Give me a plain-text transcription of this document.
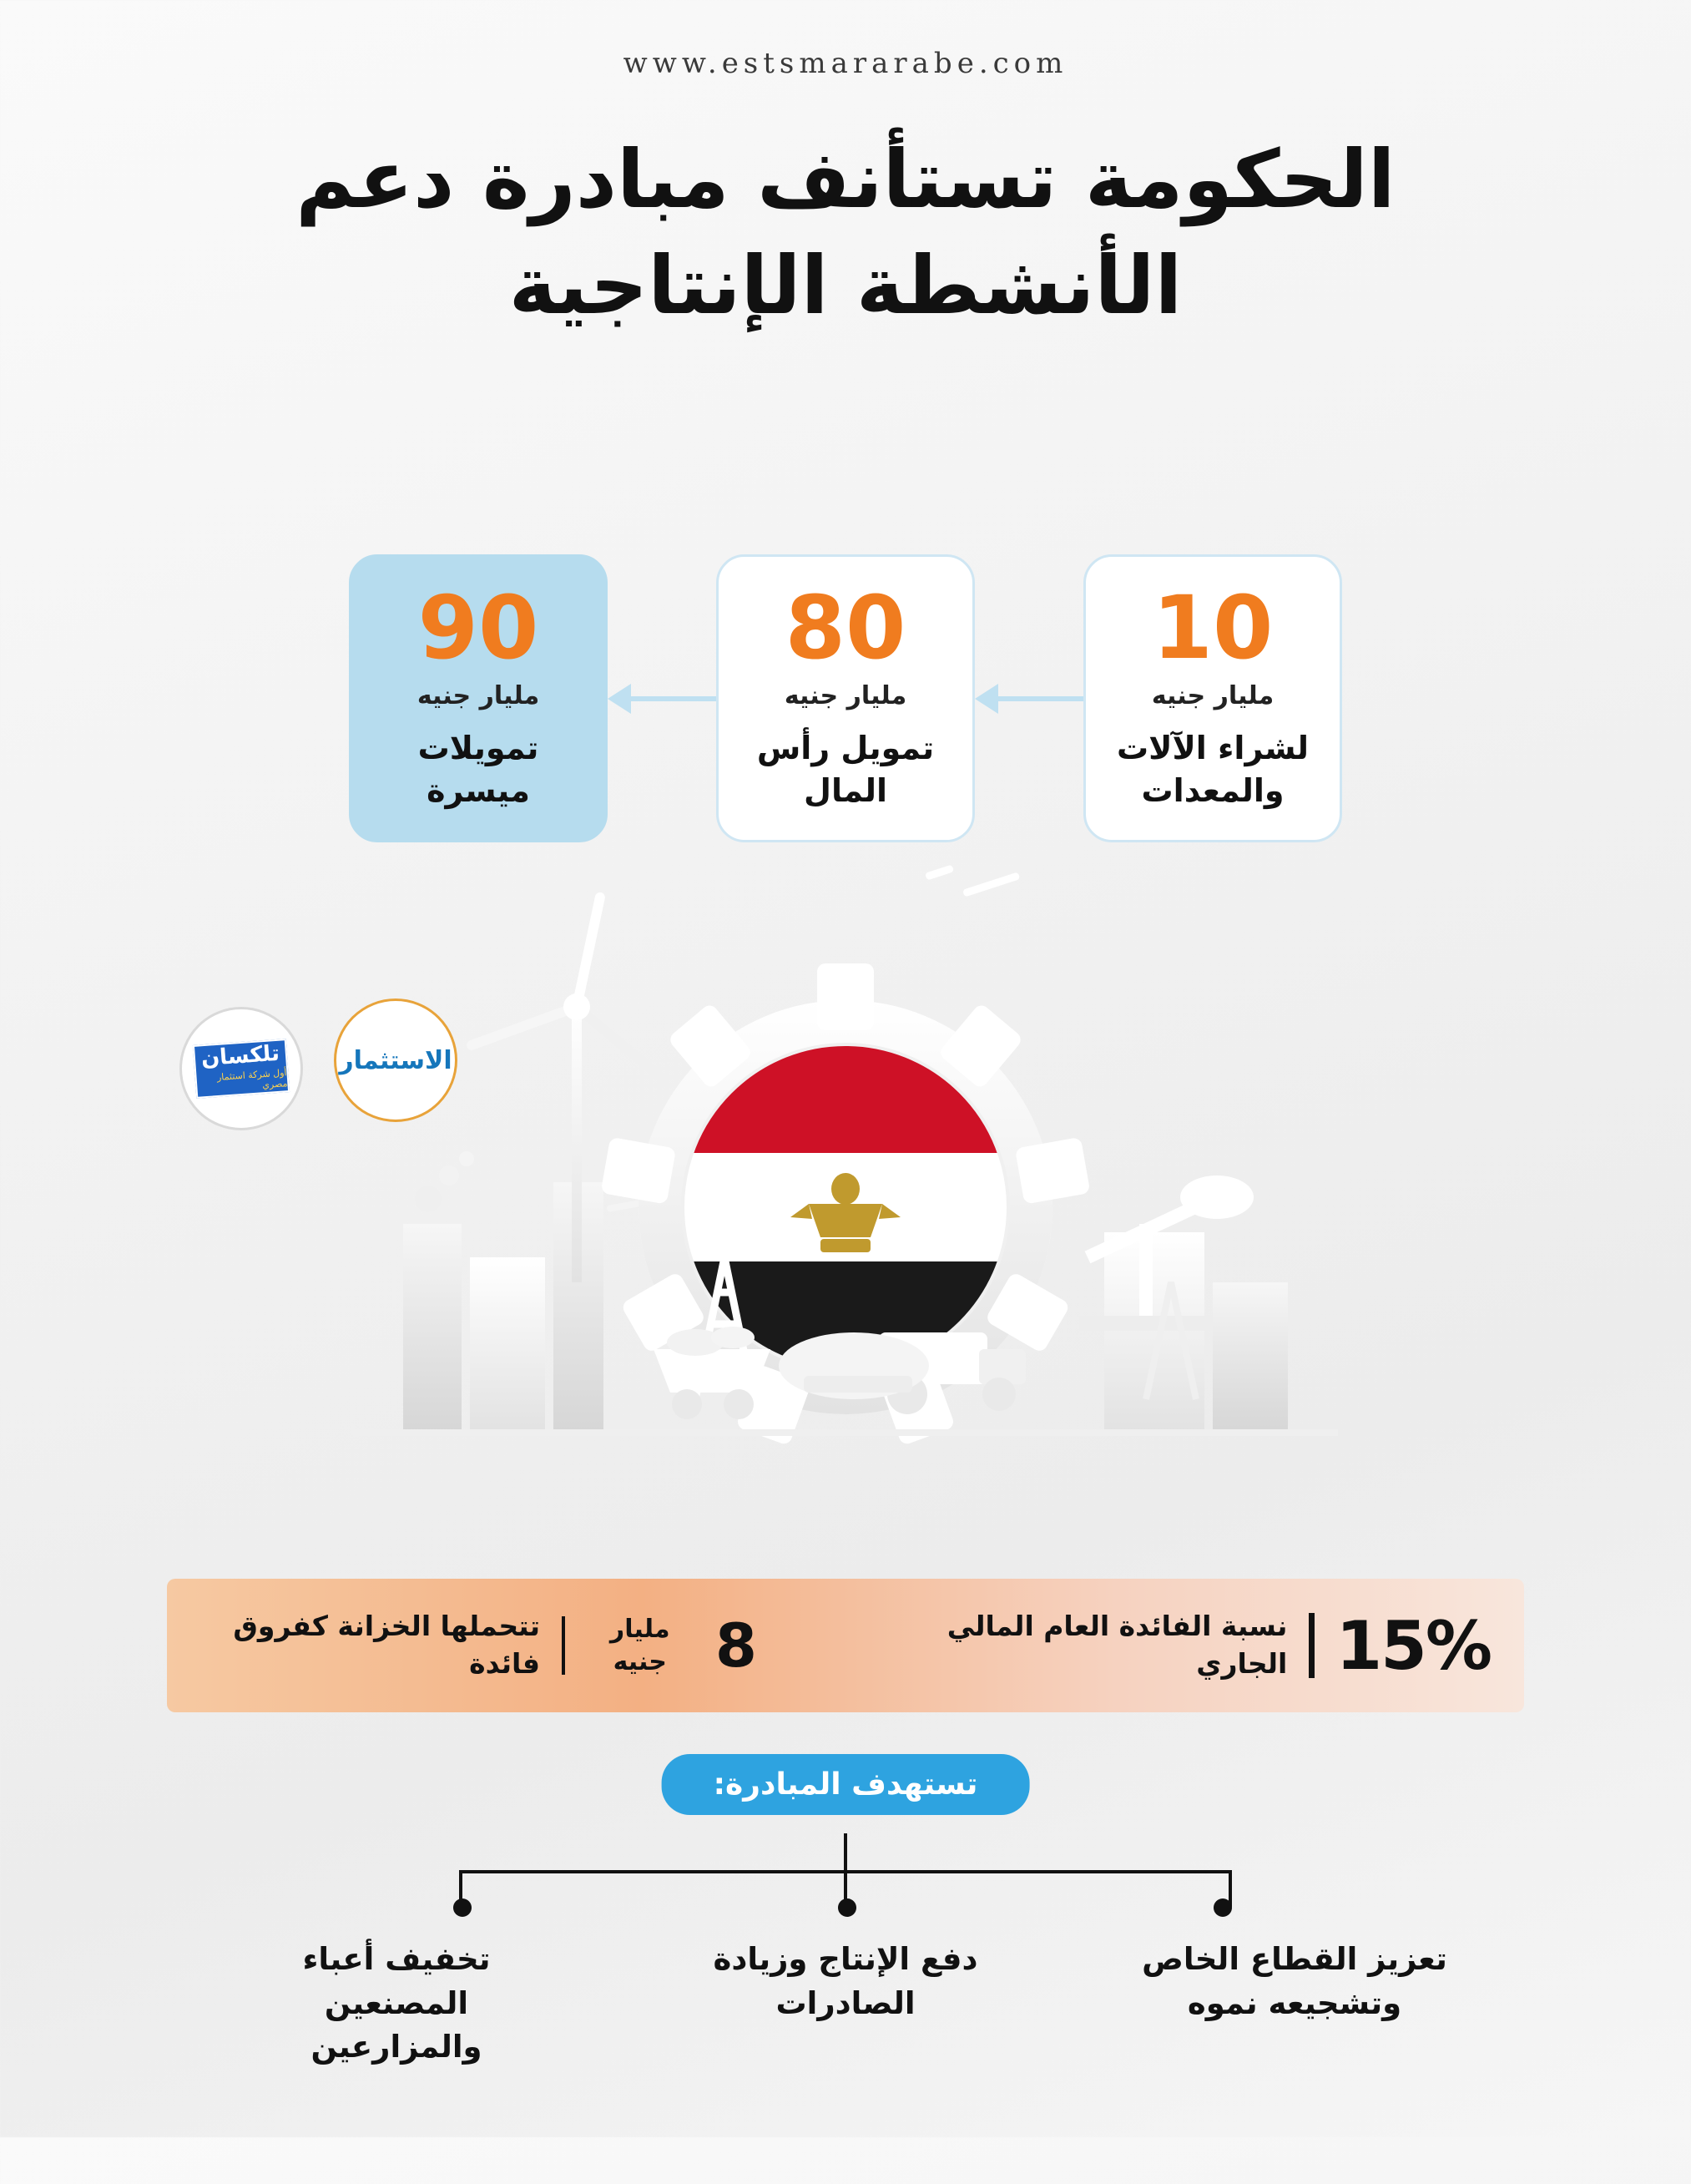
www.estsmararabe.com
الحكومة تستأنف مبادرة دعم الأنشطة الإنتاجية
90
مليار جنيه
تمويلات ميسرة
80
مليار جنيه
تمويل رأس المال
10
مليار جنيه
لشراء الآلات والمعدات
تلكسان
أول شركة استثمار مصري
الاستثمار
15%
نسبة الفائدة العام المالي الجاري
8
مليار جنيه
تتحملها الخزانة كفروق فائدة
تستهدف المبادرة:
تخفيف أعباء المصنعين والمزارعين
دفع الإنتاج وزيادة الصادرات
تعزيز القطاع الخاص وتشجيعه نموه
